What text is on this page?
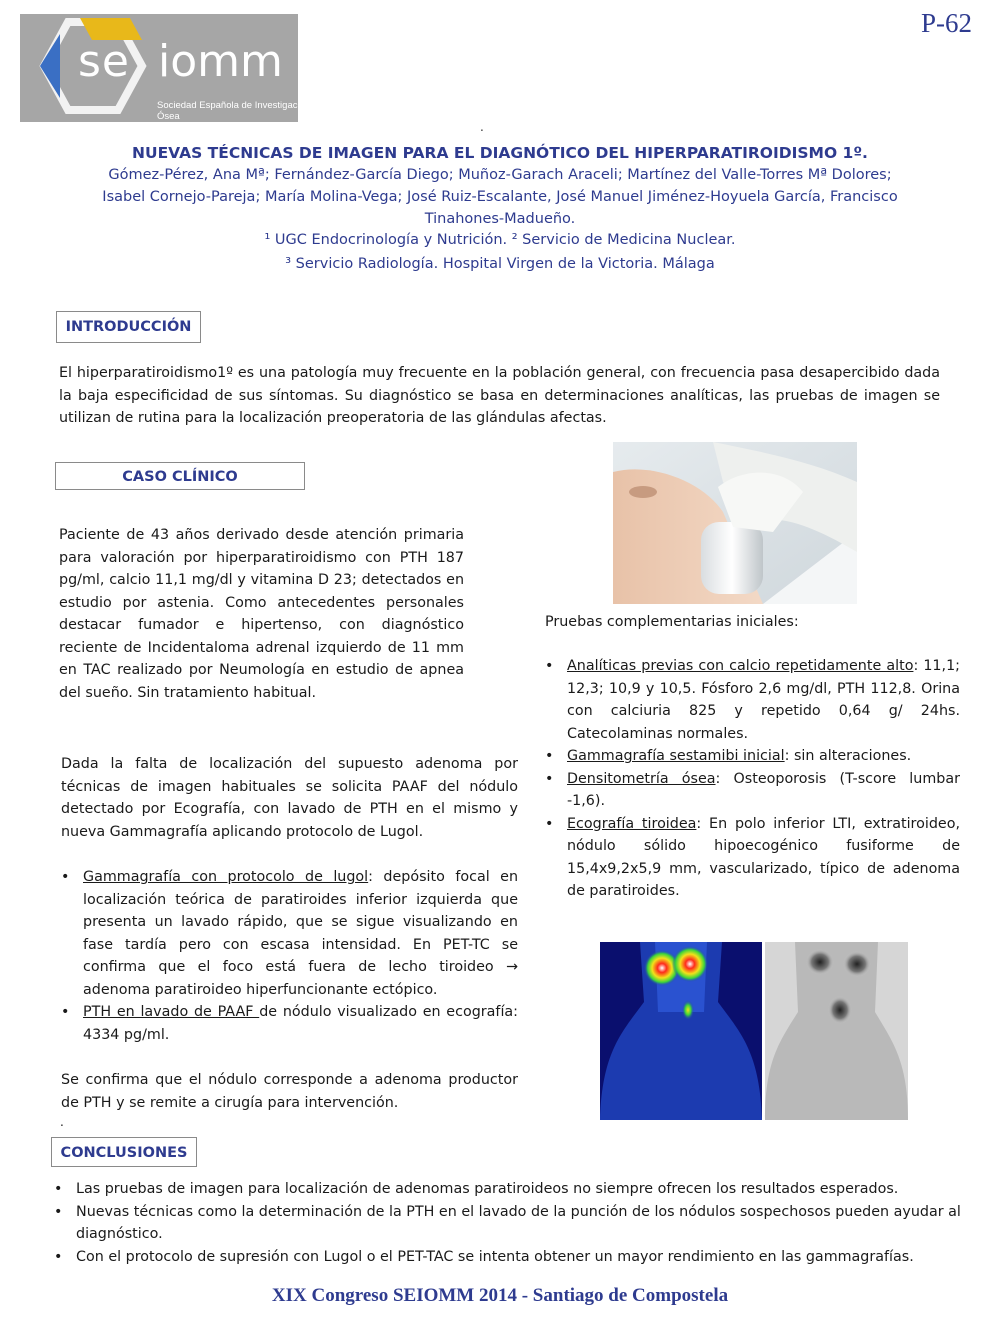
se iomm
Sociedad Española de Investigación Ósea
y del Metabolismo Mineral
P-62
.
NUEVAS TÉCNICAS DE IMAGEN PARA EL DIAGNÓTICO DEL HIPERPARATIROIDISMO 1º.
Gómez-Pérez, Ana Mª; Fernández-García Diego; Muñoz-Garach Araceli; Martínez del Valle-Torres Mª Dolores;
Isabel Cornejo-Pareja; María Molina-Vega; José Ruiz-Escalante, José Manuel Jiménez-Hoyuela García, Francisco
Tinahones-Madueño.
¹ UGC Endocrinología y Nutrición. ² Servicio de Medicina Nuclear.
³ Servicio Radiología. Hospital Virgen de la Victoria. Málaga
INTRODUCCIÓN
El hiperparatiroidismo1º es una patología muy frecuente en la población general, con frecuencia pasa desapercibido dada la baja especificidad de sus síntomas. Su diagnóstico se basa en determinaciones analíticas, las pruebas de imagen se utilizan de rutina para la localización preoperatoria de las glándulas afectas.
CASO CLÍNICO
Paciente de 43 años derivado desde atención primaria para valoración por hiperparatiroidismo con PTH 187 pg/ml, calcio 11,1 mg/dl y vitamina D 23; detectados en estudio por astenia. Como antecedentes personales destacar fumador e hipertenso, con diagnóstico reciente de Incidentaloma adrenal izquierdo de 11 mm en TAC realizado por Neumología en estudio de apnea del sueño. Sin tratamiento habitual.
Dada la falta de localización del supuesto adenoma por técnicas de imagen habituales se solicita PAAF del nódulo detectado por Ecografía, con lavado de PTH en el mismo y nueva Gammagrafía aplicando protocolo de Lugol.
• Gammagrafía con protocolo de lugol: depósito focal en localización teórica de paratiroides inferior izquierda que presenta un lavado rápido, que se sigue visualizando en fase tardía pero con escasa intensidad. En PET-TC se confirma que el foco está fuera de lecho tiroideo → adenoma paratiroideo hiperfuncionante ectópico.
• PTH en lavado de PAAF de nódulo visualizado en ecografía: 4334 pg/ml.
Se confirma que el nódulo corresponde a adenoma productor de PTH y se remite a cirugía para intervención.
.
Pruebas complementarias iniciales:
• Analíticas previas con calcio repetidamente alto: 11,1; 12,3; 10,9 y 10,5. Fósforo 2,6 mg/dl, PTH 112,8. Orina con calciuria 825 y repetido 0,64 g/ 24hs. Catecolaminas normales.
• Gammagrafía sestamibi inicial: sin alteraciones.
• Densitometría ósea: Osteoporosis (T-score lumbar -1,6).
• Ecografía tiroidea: En polo inferior LTI, extratiroideo, nódulo sólido hipoecogénico fusiforme de 15,4x9,2x5,9 mm, vascularizado, típico de adenoma de paratiroides.
CONCLUSIONES
• Las pruebas de imagen para localización de adenomas paratiroideos no siempre ofrecen los resultados esperados.
• Nuevas técnicas como la determinación de la PTH en el lavado de la punción de los nódulos sospechosos pueden ayudar al diagnóstico.
• Con el protocolo de supresión con Lugol o el PET-TAC se intenta obtener un mayor rendimiento en las gammagrafías.
XIX Congreso SEIOMM 2014 - Santiago de Compostela
